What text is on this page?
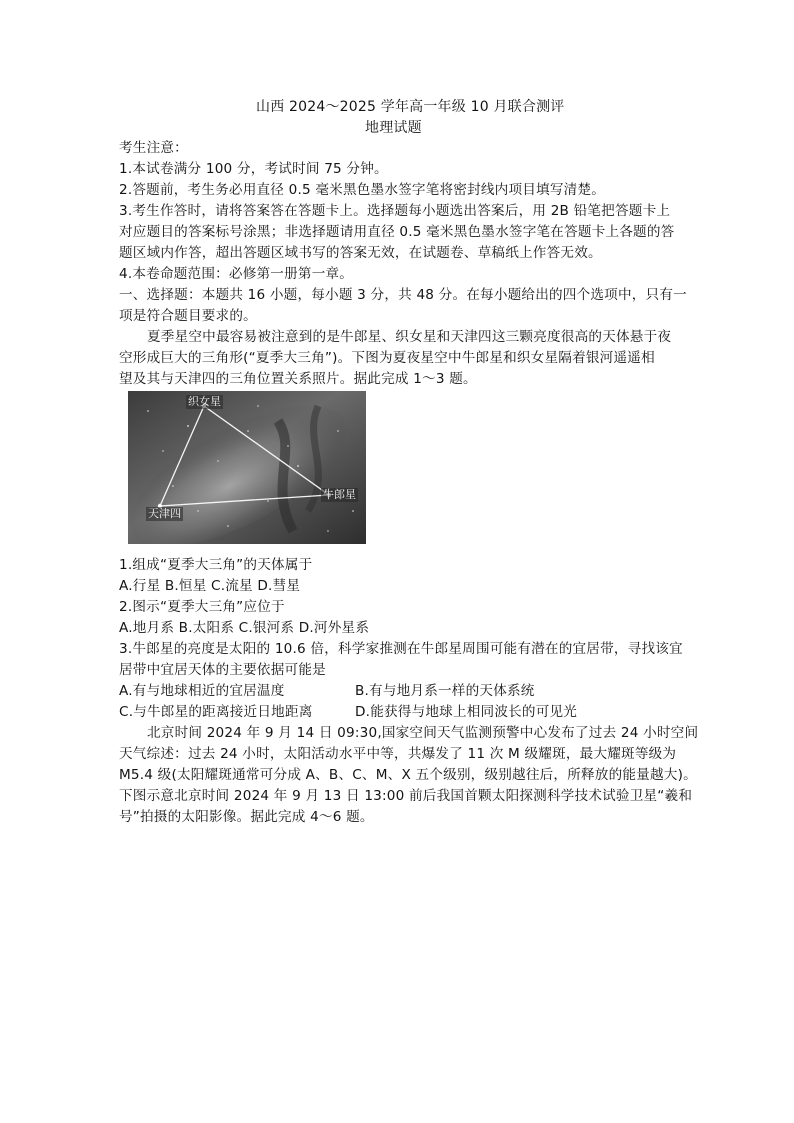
山西 2024～2025 学年高一年级 10 月联合测评
地理试题
考生注意：
1.本试卷满分 100 分，考试时间 75 分钟。
2.答题前，考生务必用直径 0.5 毫米黑色墨水签字笔将密封线内项目填写清楚。
3.考生作答时，请将答案答在答题卡上。选择题每小题选出答案后，用 2B 铅笔把答题卡上
对应题目的答案标号涂黑；非选择题请用直径 0.5 毫米黑色墨水签字笔在答题卡上各题的答
题区域内作答，超出答题区域书写的答案无效，在试题卷、草稿纸上作答无效。
4.本卷命题范围：必修第一册第一章。
一、选择题：本题共 16 小题，每小题 3 分，共 48 分。在每小题给出的四个选项中，只有一
项是符合题目要求的。
夏季星空中最容易被注意到的是牛郎星、织女星和天津四这三颗亮度很高的天体悬于夜
空形成巨大的三角形(“夏季大三角”)。下图为夏夜星空中牛郎星和织女星隔着银河遥遥相
望及其与天津四的三角位置关系照片。据此完成 1～3 题。
织女星
牛郎星
天津四
1.组成“夏季大三角”的天体属于
A.行星 B.恒星 C.流星 D.彗星
2.图示“夏季大三角”应位于
A.地月系 B.太阳系 C.银河系 D.河外星系
3.牛郎星的亮度是太阳的 10.6 倍，科学家推测在牛郎星周围可能有潜在的宜居带，寻找该宜
居带中宜居天体的主要依据可能是
A.有与地球相近的宜居温度	B.有与地月系一样的天体系统
C.与牛郎星的距离接近日地距离	D.能获得与地球上相同波长的可见光
北京时间 2024 年 9 月 14 日 09:30,国家空间天气监测预警中心发布了过去 24 小时空间
天气综述：过去 24 小时，太阳活动水平中等，共爆发了 11 次 M 级耀斑，最大耀斑等级为
M5.4 级(太阳耀斑通常可分成 A、B、C、M、X 五个级别，级别越往后，所释放的能量越大)。
下图示意北京时间 2024 年 9 月 13 日 13:00 前后我国首颗太阳探测科学技术试验卫星“羲和
号”拍摄的太阳影像。据此完成 4～6 题。
